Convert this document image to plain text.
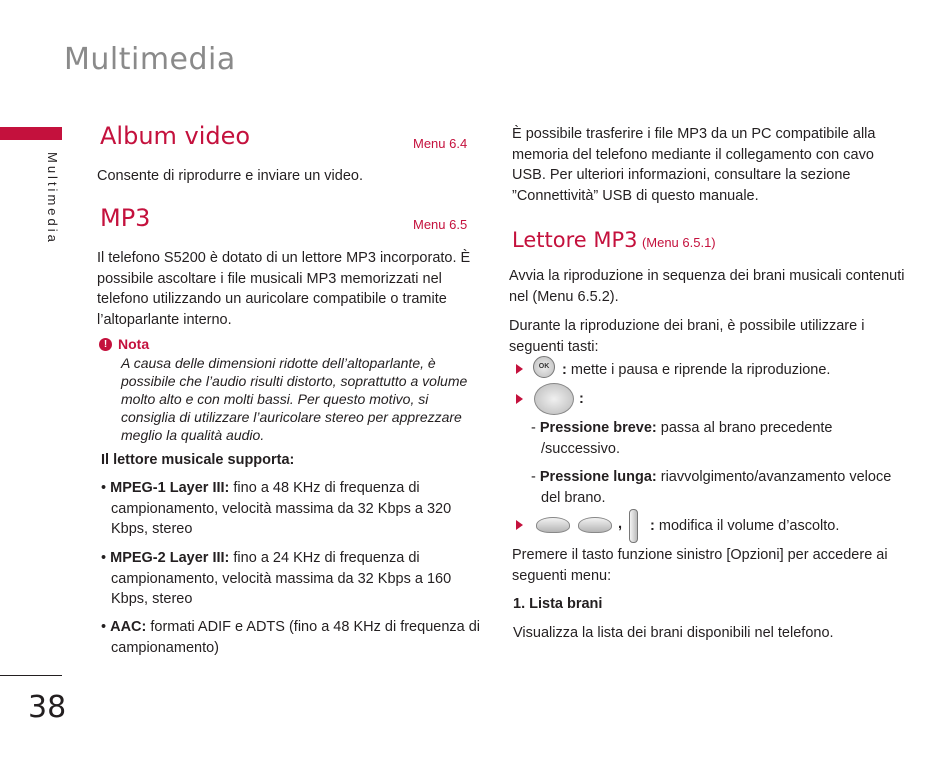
Multimedia
Multimedia
38
Album video	Menu 6.4
Consente di riprodurre e inviare un video.
MP3	Menu 6.5
Il telefono S5200 è dotato di un lettore MP3 incorporato. È
possibile ascoltare i file musicali MP3 memorizzati nel
telefono utilizzando un auricolare compatibile o tramite
l’altoparlante interno.
! Nota
A causa delle dimensioni ridotte dell’altoparlante, è
possibile che l’audio risulti distorto, soprattutto a volume
molto alto e con molti bassi. Per questo motivo, si
consiglia di utilizzare l’auricolare stereo per apprezzare
meglio la qualità audio.
Il lettore musicale supporta:
• MPEG-1 Layer III: fino a 48 KHz di frequenza di
campionamento, velocità massima da 32 Kbps a 320
Kbps, stereo
• MPEG-2 Layer III: fino a 24 KHz di frequenza di
campionamento, velocità massima da 32 Kbps a 160
Kbps, stereo
• AAC: formati ADIF e ADTS (fino a 48 KHz di frequenza di
campionamento)
È possibile trasferire i file MP3 da un PC compatibile alla
memoria del telefono mediante il collegamento con cavo
USB. Per ulteriori informazioni, consultare la sezione
”Connettività” USB di questo manuale.
Lettore MP3 (Menu 6.5.1)
Avvia la riproduzione in sequenza dei brani musicali contenuti
nel (Menu 6.5.2).
Durante la riproduzione dei brani, è possibile utilizzare i
seguenti tasti:
OK : mette i pausa e riprende la riproduzione.
:
- Pressione breve: passa al brano precedente
/successivo.
- Pressione lunga: riavvolgimento/avanzamento veloce
del brano.
, : modifica il volume d’ascolto.
Premere il tasto funzione sinistro [Opzioni] per accedere ai
seguenti menu:
1. Lista brani
Visualizza la lista dei brani disponibili nel telefono.
